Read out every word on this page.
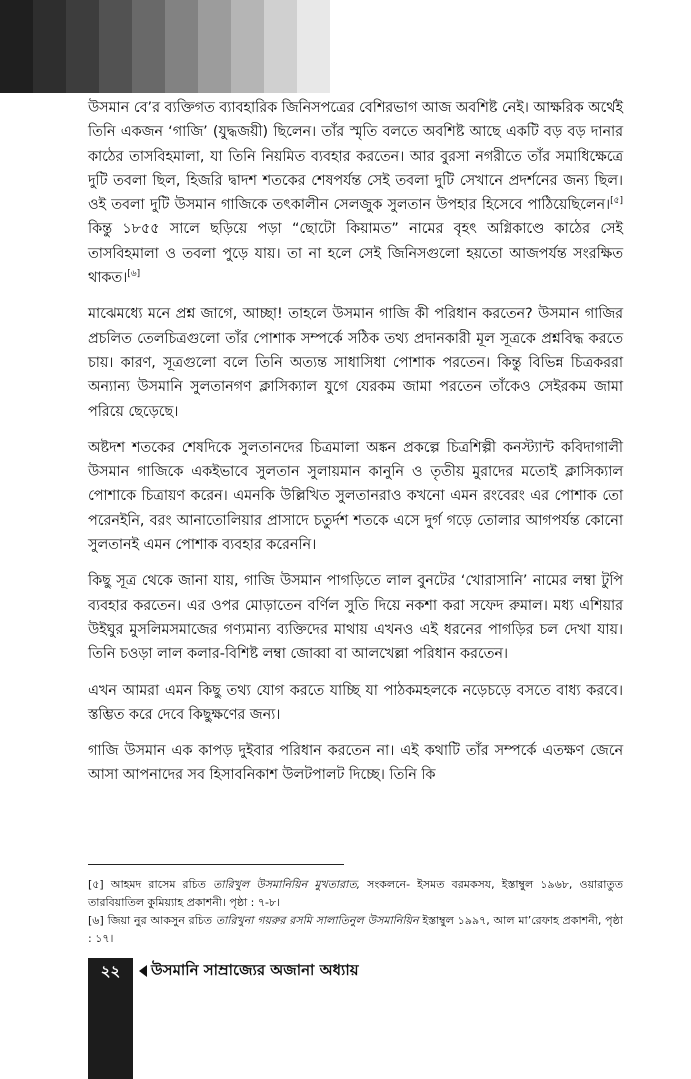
উসমান বে’র ব্যক্তিগত ব্যাবহারিক জিনিসপত্রের বেশিরভাগ আজ অবশিষ্ট নেই। আক্ষরিক অর্থেই তিনি একজন ‘গাজি’ (যুদ্ধজয়ী) ছিলেন। তাঁর স্মৃতি বলতে অবশিষ্ট আছে একটি বড় বড় দানার কাঠের তাসবিহমালা, যা তিনি নিয়মিত ব্যবহার করতেন। আর বুরসা নগরীতে তাঁর সমাধিক্ষেত্রে দুটি তবলা ছিল, হিজরি দ্বাদশ শতকের শেষপর্যন্ত সেই তবলা দুটি সেখানে প্রদর্শনের জন্য ছিল। ওই তবলা দুটি উসমান গাজিকে তৎকালীন সেলজুক সুলতান উপহার হিসেবে পাঠিয়েছিলেন।[৫] কিন্তু ১৮৫৫ সালে ছড়িয়ে পড়া “ছোটো কিয়ামত” নামের বৃহৎ অগ্নিকাণ্ডে কাঠের সেই তাসবিহমালা ও তবলা পুড়ে যায়। তা না হলে সেই জিনিসগুলো হয়তো আজপর্যন্ত সংরক্ষিত থাকত।[৬]

মাঝেমধ্যে মনে প্রশ্ন জাগে, আচ্ছা! তাহলে উসমান গাজি কী পরিধান করতেন? উসমান গাজির প্রচলিত তেলচিত্রগুলো তাঁর পোশাক সম্পর্কে সঠিক তথ্য প্রদানকারী মূল সূত্রকে প্রশ্নবিদ্ধ করতে চায়। কারণ, সূত্রগুলো বলে তিনি অত্যন্ত সাধাসিধা পোশাক পরতেন। কিন্তু বিভিন্ন চিত্রকররা অন্যান্য উসমানি সুলতানগণ ক্লাসিক্যাল যুগে যেরকম জামা পরতেন তাঁকেও সেইরকম জামা পরিয়ে ছেড়েছে।

অষ্টদশ শতকের শেষদিকে সুলতানদের চিত্রমালা অঙ্কন প্রকল্পে চিত্রশিল্পী কনস্ট্যান্ট কবিদাগালী উসমান গাজিকে একইভাবে সুলতান সুলায়মান কানুনি ও তৃতীয় মুরাদের মতোই ক্লাসিক্যাল পোশাকে চিত্রায়ণ করেন। এমনকি উল্লিখিত সুলতানরাও কখনো এমন রংবেরং এর পোশাক তো পরেনইনি, বরং আনাতোলিয়ার প্রাসাদে চতুর্দশ শতকে এসে দুর্গ গড়ে তোলার আগপর্যন্ত কোনো সুলতানই এমন পোশাক ব্যবহার করেননি।

কিছু সূত্র থেকে জানা যায়, গাজি উসমান পাগড়িতে লাল বুনটের ‘খোরাসানি’ নামের লম্বা টুপি ব্যবহার করতেন। এর ওপর মোড়াতেন বর্ণিল সুতি দিয়ে নকশা করা সফেদ রুমাল। মধ্য এশিয়ার উইঘুর মুসলিমসমাজের গণ্যমান্য ব্যক্তিদের মাথায় এখনও এই ধরনের পাগড়ির চল দেখা যায়। তিনি চওড়া লাল কলার-বিশিষ্ট লম্বা জোব্বা বা আলখেল্লা পরিধান করতেন।

এখন আমরা এমন কিছু তথ্য যোগ করতে যাচ্ছি যা পাঠকমহলকে নড়েচড়ে বসতে বাধ্য করবে। স্তম্ভিত করে দেবে কিছুক্ষণের জন্য।

গাজি উসমান এক কাপড় দুইবার পরিধান করতেন না। এই কথাটি তাঁর সম্পর্কে এতক্ষণ জেনে আসা আপনাদের সব হিসাবনিকাশ উলটপালট দিচ্ছে। তিনি কি

[৫] আহমদ রাসেম রচিত তারিখুল উসমানিয়িন মুখতারাত, সংকলনে- ইসমত বরমকসয, ইস্তাম্বুল ১৯৬৮, ওয়ারাতুত তারবিয়াতিল কুমিয়্যাহ প্রকাশনী। পৃষ্ঠা : ৭-৮।

[৬] জিয়া নুর আকসুন রচিত তারিখুনা গয়রুর রসমি সালাতিনুল উসমানিয়িন ইস্তাম্বুল ১৯৯৭, আল মা’রেফাহ প্রকাশনী, পৃষ্ঠা : ১৭।

২২	উসমানি সাম্রাজ্যের অজানা অধ্যায়
